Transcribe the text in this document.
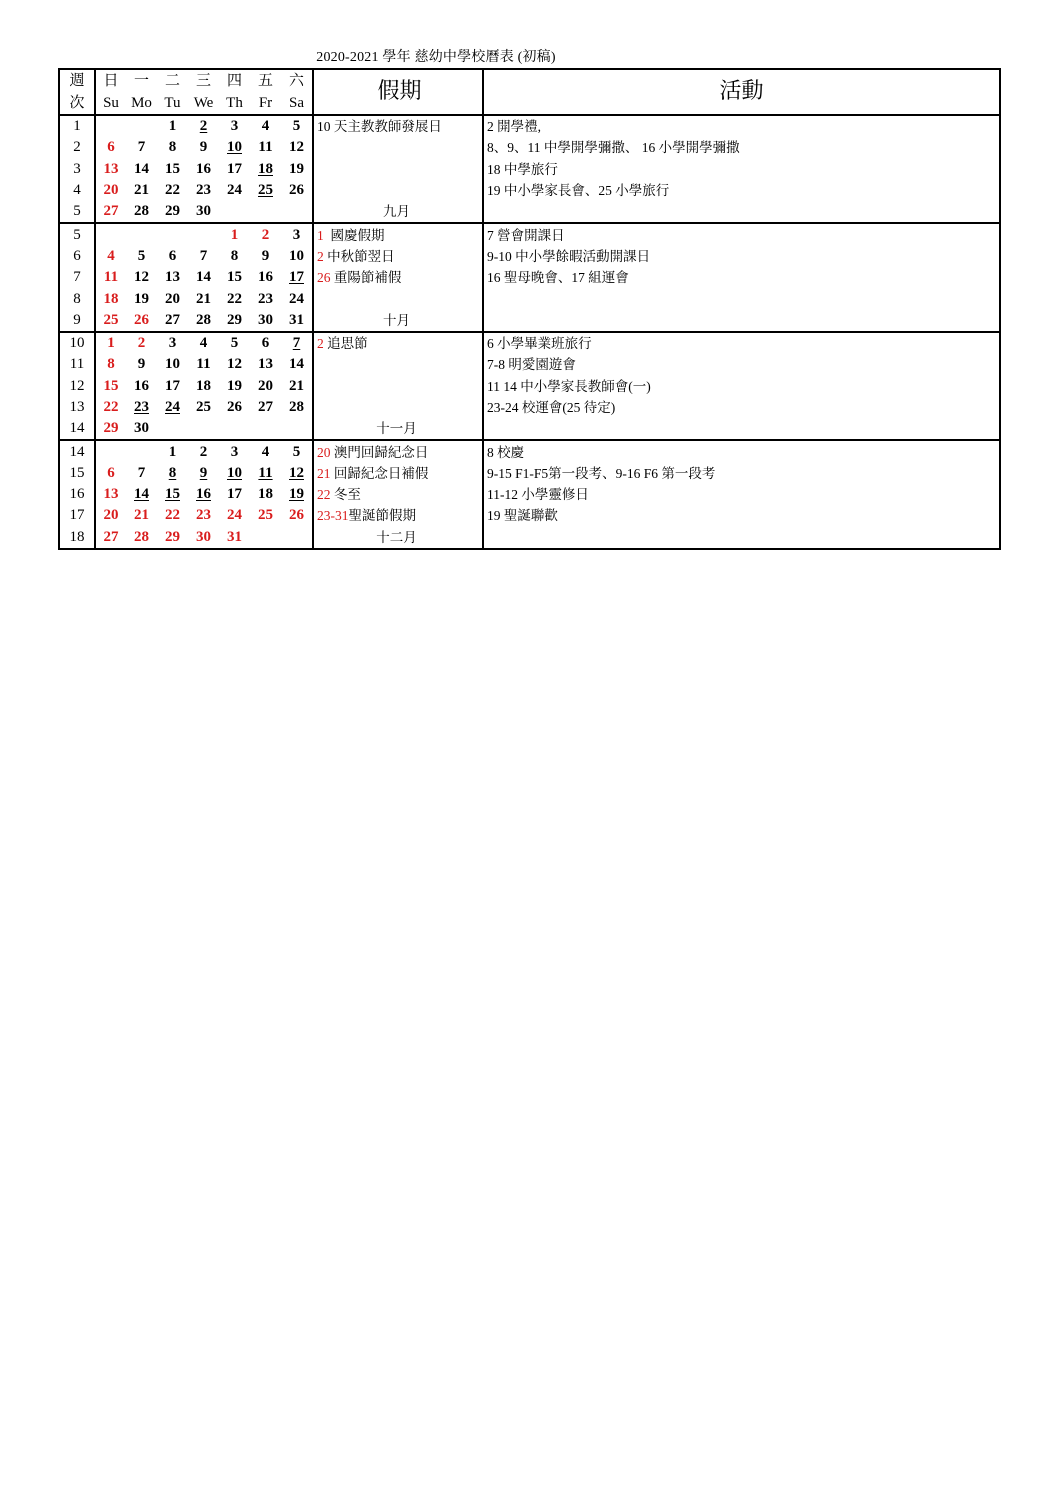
2020-2021 學年 慈幼中學校曆表 (初稿)
週	日	一	二	三	四	五	六	假期	活動
次	Su	Mo	Tu	We	Th	Fr	Sa		
1			1	2	3	4	5	10 天主教教師發展日	2 開學禮,
2	6	7	8	9	10	11	12		8、9、11 中學開學彌撒、 16 小學開學彌撒
3	13	14	15	16	17	18	19		18 中學旅行
4	20	21	22	23	24	25	26		19 中小學家長會、25 小學旅行
5	27	28	29	30				九月	

5					1	2	3	1  國慶假期	7 營會開課日
6	4	5	6	7	8	9	10	2 中秋節翌日	9-10 中小學餘暇活動開課日
7	11	12	13	14	15	16	17	26 重陽節補假	16 聖母晚會、17 組運會
8	18	19	20	21	22	23	24		
9	25	26	27	28	29	30	31	十月	

10	1	2	3	4	5	6	7	2 追思節	6 小學畢業班旅行
11	8	9	10	11	12	13	14		7-8 明愛園遊會
12	15	16	17	18	19	20	21		11 14 中小學家長教師會(一)
13	22	23	24	25	26	27	28		23-24 校運會(25 待定)
14	29	30						十一月	

14			1	2	3	4	5	20 澳門回歸紀念日	8 校慶
15	6	7	8	9	10	11	12	21 回歸紀念日補假	9-15 F1-F5第一段考、9-16 F6 第一段考
16	13	14	15	16	17	18	19	22 冬至	11-12 小學靈修日
17	20	21	22	23	24	25	26	23-31聖誕節假期	19 聖誕聯歡
18	27	28	29	30	31			十二月	
